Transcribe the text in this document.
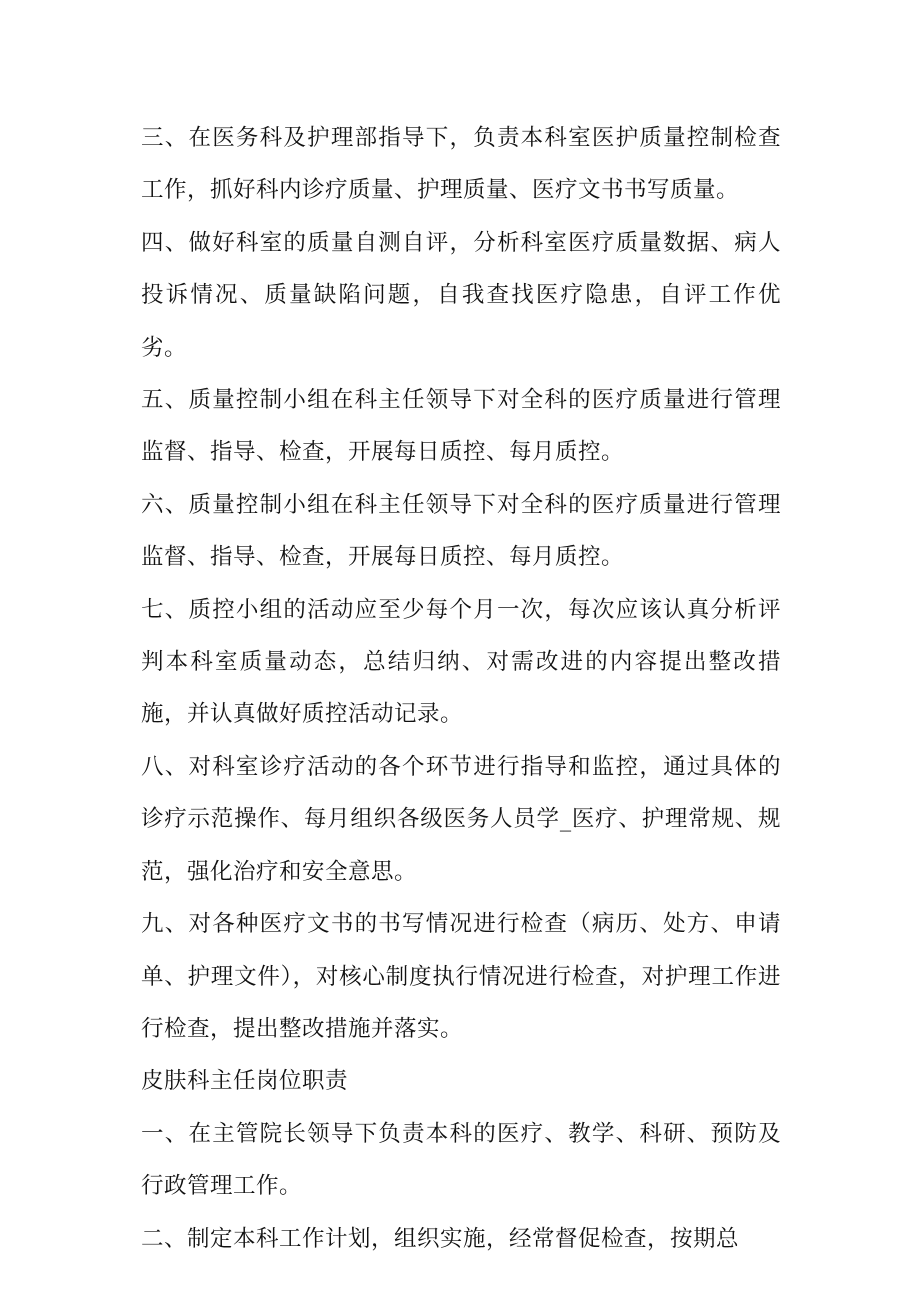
三、在医务科及护理部指导下，负责本科室医护质量控制检查工作，抓好科内诊疗质量、护理质量、医疗文书书写质量。

四、做好科室的质量自测自评，分析科室医疗质量数据、病人投诉情况、质量缺陷问题，自我查找医疗隐患，自评工作优劣。

五、质量控制小组在科主任领导下对全科的医疗质量进行管理监督、指导、检查，开展每日质控、每月质控。

六、质量控制小组在科主任领导下对全科的医疗质量进行管理监督、指导、检查，开展每日质控、每月质控。

七、质控小组的活动应至少每个月一次，每次应该认真分析评判本科室质量动态，总结归纳、对需改进的内容提出整改措施，并认真做好质控活动记录。

八、对科室诊疗活动的各个环节进行指导和监控，通过具体的诊疗示范操作、每月组织各级医务人员学_医疗、护理常规、规范，强化治疗和安全意思。

九、对各种医疗文书的书写情况进行检查（病历、处方、申请单、护理文件），对核心制度执行情况进行检查，对护理工作进行检查，提出整改措施并落实。

皮肤科主任岗位职责

一、在主管院长领导下负责本科的医疗、教学、科研、预防及行政管理工作。

二、制定本科工作计划，组织实施，经常督促检查，按期总
